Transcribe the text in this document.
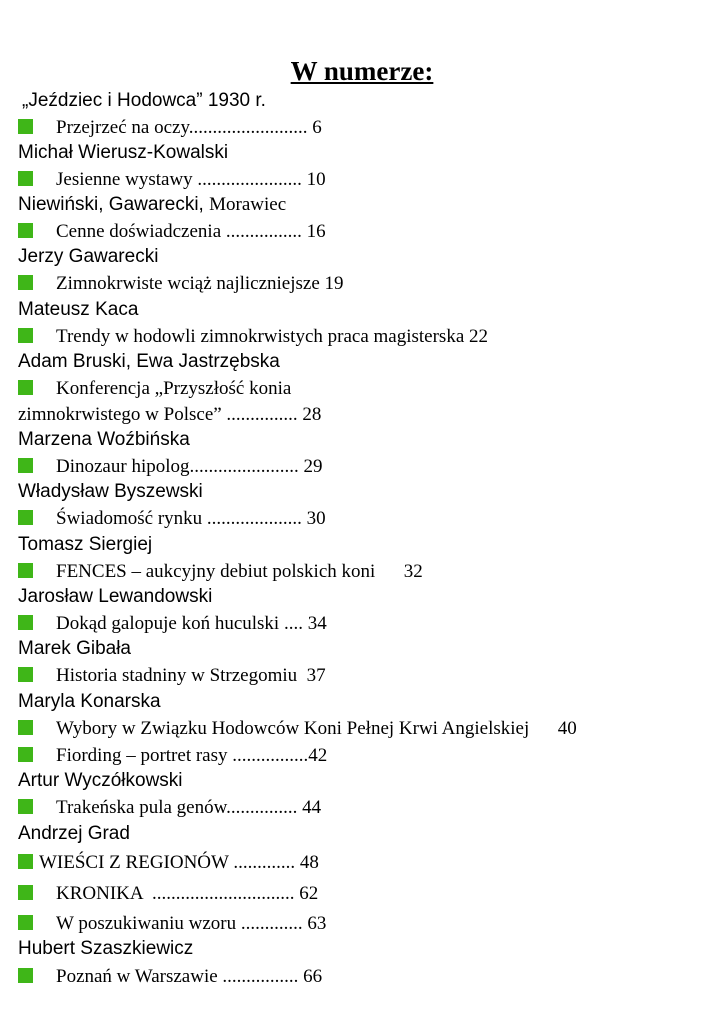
W numerze:
„Jeździec i Hodowca” 1930 r.
Przejrzeć na oczy......................... 6
Michał Wierusz-Kowalski
Jesienne wystawy ...................... 10
Niewiński, Gawarecki, Morawiec
Cenne doświadczenia ................ 16
Jerzy Gawarecki
Zimnokrwiste wciąż najliczniejsze 19
Mateusz Kaca
Trendy w hodowli zimnokrwistych praca magisterska 22
Adam Bruski, Ewa Jastrzębska
Konferencja „Przyszłość konia
zimnokrwistego w Polsce” ............... 28
Marzena Woźbińska
Dinozaur hipolog....................... 29
Władysław Byszewski
Świadomość rynku .................... 30
Tomasz Siergiej
FENCES – aukcyjny debiut polskich koni      32
Jarosław Lewandowski
Dokąd galopuje koń huculski .... 34
Marek Gibała
Historia stadniny w Strzegomiu  37
Maryla Konarska
Wybory w Związku Hodowców Koni Pełnej Krwi Angielskiej      40
Fiording – portret rasy ................42
Artur Wyczółkowski
Trakeńska pula genów............... 44
Andrzej Grad
WIEŚCI Z REGIONÓW ............. 48
KRONIKA  .............................. 62
W poszukiwaniu wzoru ............. 63
Hubert Szaszkiewicz
Poznań w Warszawie ................ 66
